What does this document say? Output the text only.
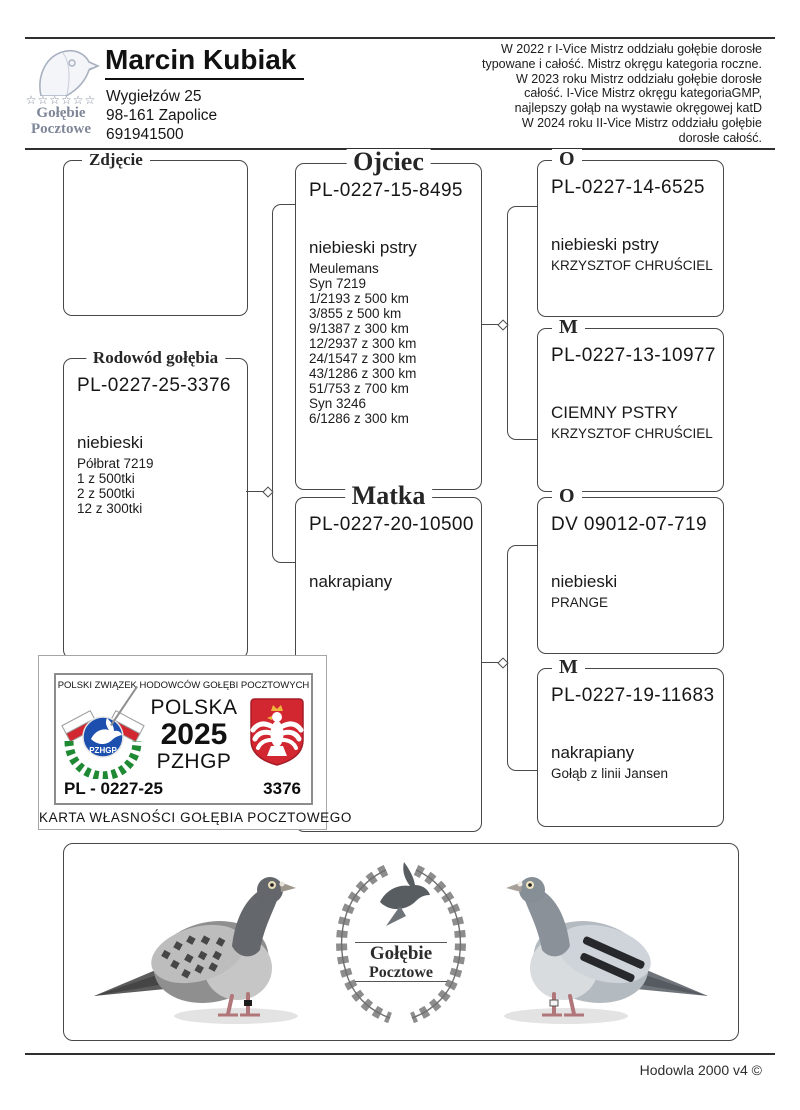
☆☆☆☆☆☆
Gołębie
Pocztowe
Marcin Kubiak
Wygiełzów 25
98-161 Zapolice
691941500
W 2022 r I-Vice Mistrz oddziału gołębie dorosłe
typowane i całość. Mistrz okręgu kategoria roczne.
W 2023 roku Mistrz oddziału gołębie dorosłe
całość. I-Vice Mistrz okręgu kategoriaGMP,
najlepszy gołąb na wystawie okręgowej katD
W 2024 roku II-Vice Mistrz oddziału gołębie
dorosłe całość.
Zdjęcie
Rodowód gołębia
PL-0227-25-3376
niebieski
Półbrat 7219
1 z 500tki
2 z 500tki
12 z 300tki
Ojciec
PL-0227-15-8495
niebieski pstry
Meulemans
Syn 7219
1/2193 z 500 km
3/855 z 500 km
9/1387 z 300 km
12/2937 z 300 km
24/1547 z 300 km
43/1286 z 300 km
51/753 z 700 km
Syn 3246
6/1286 z 300 km
Matka
PL-0227-20-10500
nakrapiany
O
PL-0227-14-6525
niebieski pstry
KRZYSZTOF CHRUŚCIEL
M
PL-0227-13-10977
CIEMNY PSTRY
KRZYSZTOF CHRUŚCIEL
O
DV 09012-07-719
niebieski
PRANGE
M
PL-0227-19-11683
nakrapiany
Gołąb z linii Jansen
POLSKI ZWIĄZEK HODOWCÓW GOŁĘBI POCZTOWYCH
PZHGP
POLSKA
2025
PZHGP
PL - 0227-25	3376
KARTA WŁASNOŚCI GOŁĘBIA POCZTOWEGO
Gołębie
Pocztowe
Hodowla 2000 v4 ©
